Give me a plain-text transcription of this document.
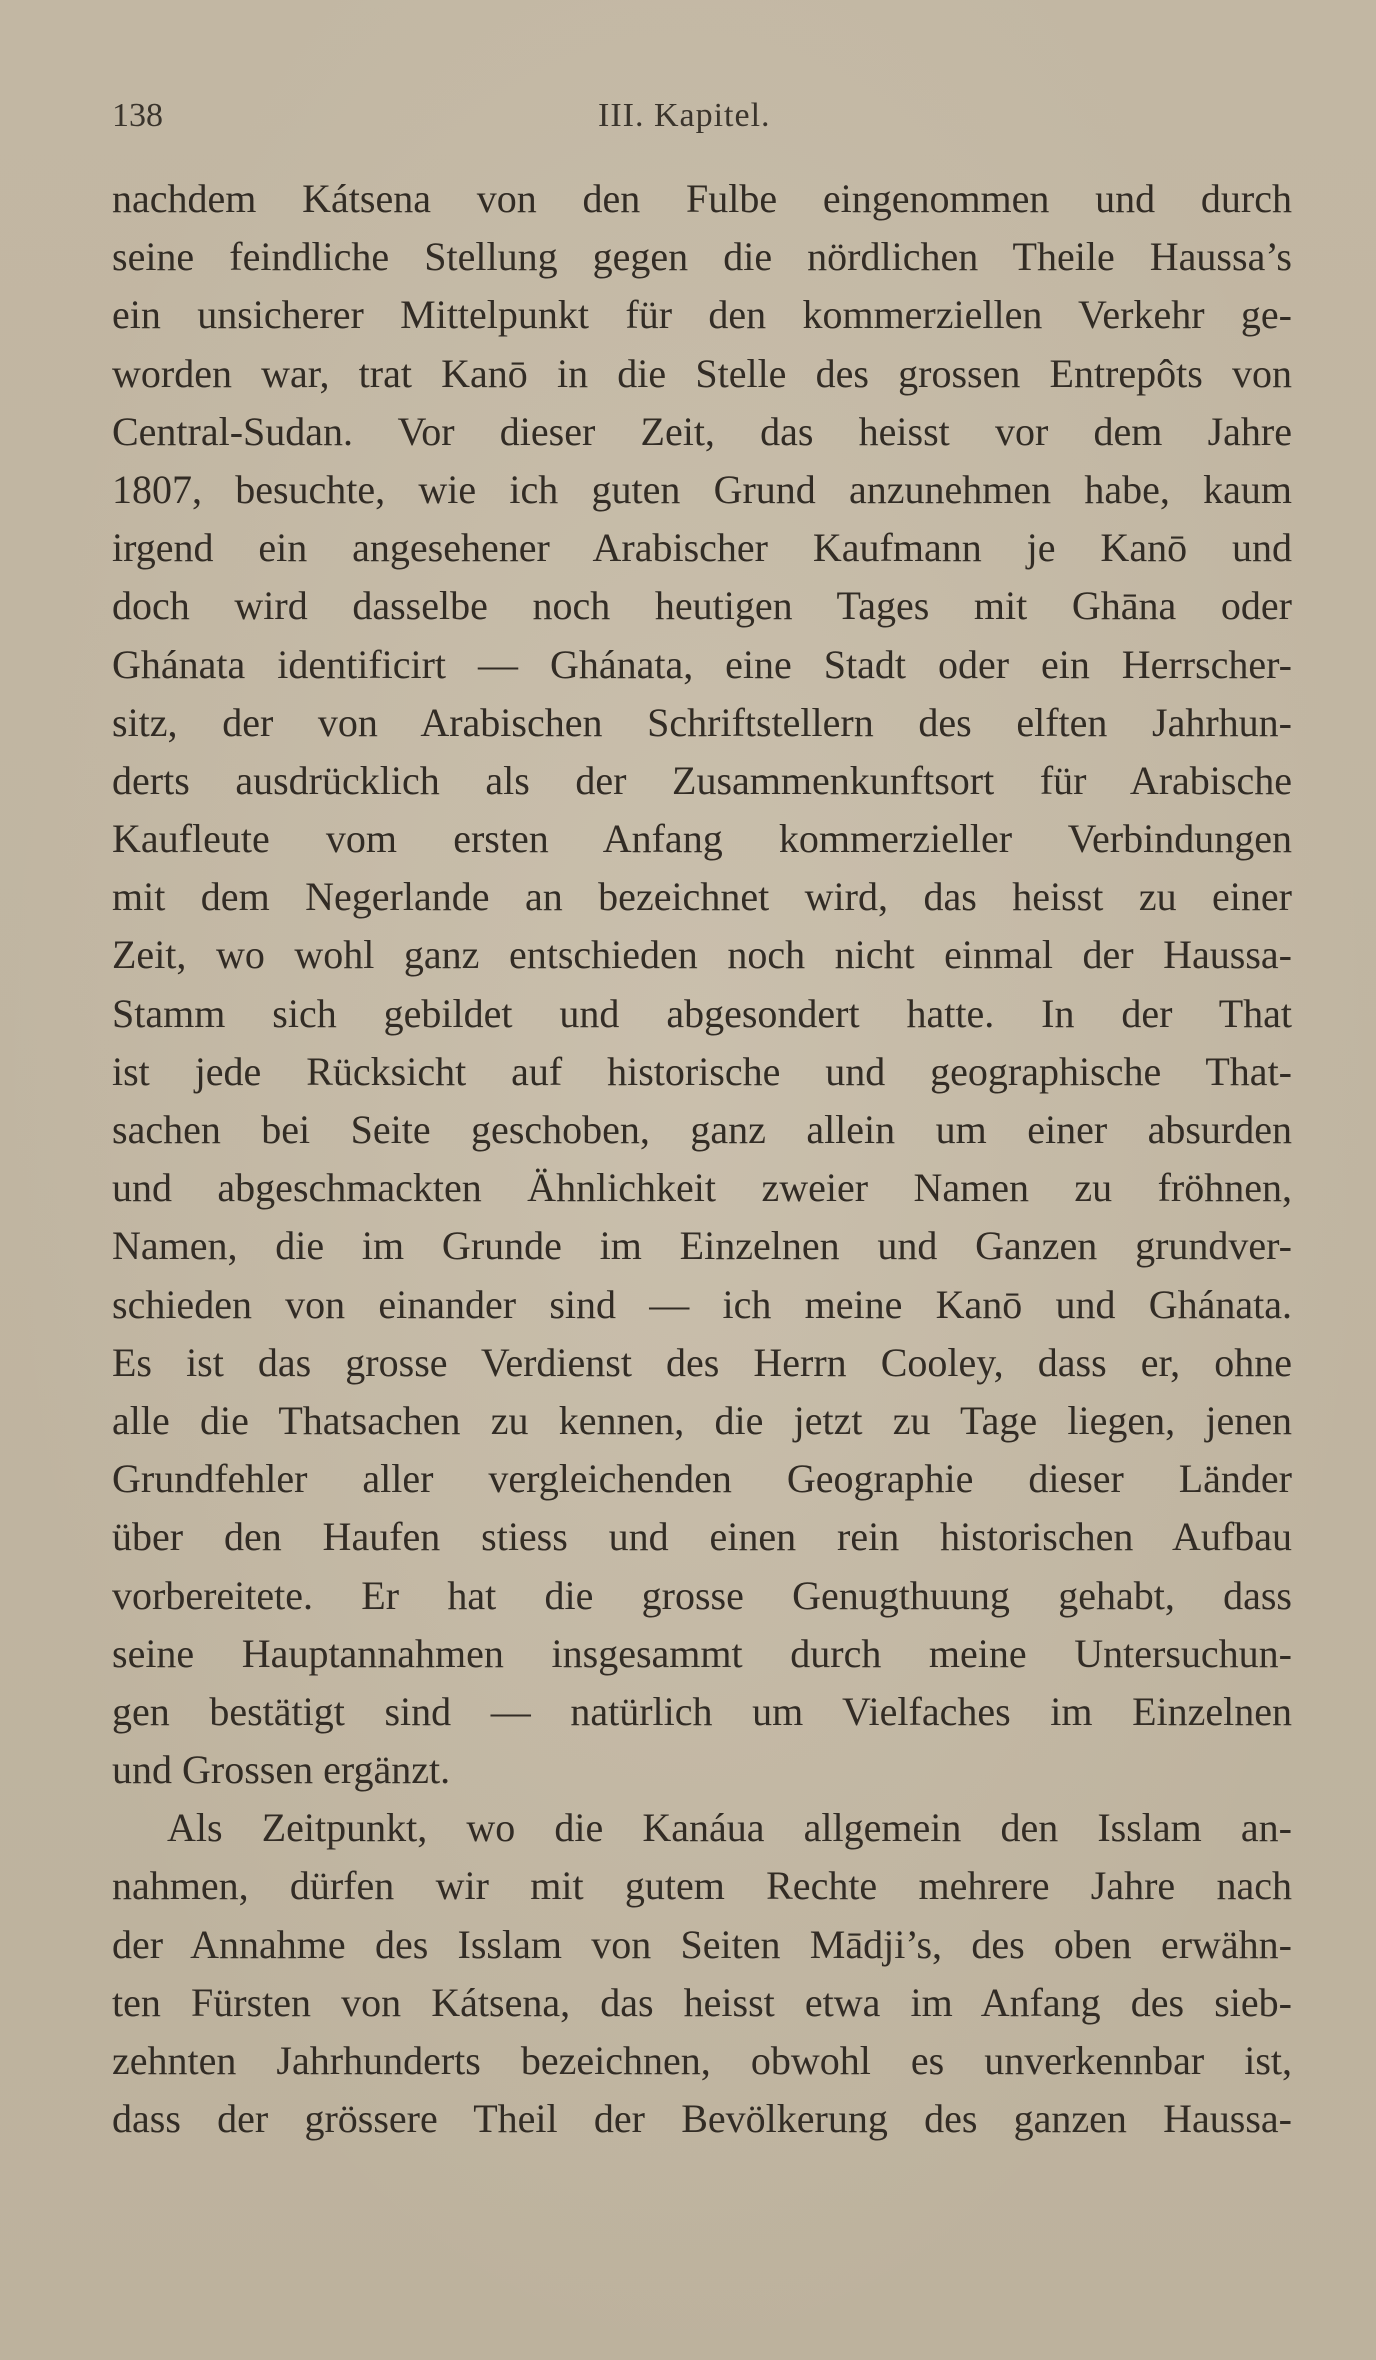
138	III. Kapitel.
nachdem Kátsena von den Fulbe eingenommen und durch
seine feindliche Stellung gegen die nördlichen Theile Haussa’s
ein unsicherer Mittelpunkt für den kommerziellen Verkehr ge-
worden war, trat Kanō in die Stelle des grossen Entrepôts von
Central-Sudan. Vor dieser Zeit, das heisst vor dem Jahre
1807, besuchte, wie ich guten Grund anzunehmen habe, kaum
irgend ein angesehener Arabischer Kaufmann je Kanō und
doch wird dasselbe noch heutigen Tages mit Ghāna oder
Ghánata identificirt — Ghánata, eine Stadt oder ein Herrscher-
sitz, der von Arabischen Schriftstellern des elften Jahrhun-
derts ausdrücklich als der Zusammenkunftsort für Arabische
Kaufleute vom ersten Anfang kommerzieller Verbindungen
mit dem Negerlande an bezeichnet wird, das heisst zu einer
Zeit, wo wohl ganz entschieden noch nicht einmal der Haussa-
Stamm sich gebildet und abgesondert hatte. In der That
ist jede Rücksicht auf historische und geographische That-
sachen bei Seite geschoben, ganz allein um einer absurden
und abgeschmackten Ähnlichkeit zweier Namen zu fröhnen,
Namen, die im Grunde im Einzelnen und Ganzen grundver-
schieden von einander sind — ich meine Kanō und Ghánata.
Es ist das grosse Verdienst des Herrn Cooley, dass er, ohne
alle die Thatsachen zu kennen, die jetzt zu Tage liegen, jenen
Grundfehler aller vergleichenden Geographie dieser Länder
über den Haufen stiess und einen rein historischen Aufbau
vorbereitete. Er hat die grosse Genugthuung gehabt, dass
seine Hauptannahmen insgesammt durch meine Untersuchun-
gen bestätigt sind — natürlich um Vielfaches im Einzelnen
und Grossen ergänzt.
Als Zeitpunkt, wo die Kanáua allgemein den Isslam an-
nahmen, dürfen wir mit gutem Rechte mehrere Jahre nach
der Annahme des Isslam von Seiten Mādji’s, des oben erwähn-
ten Fürsten von Kátsena, das heisst etwa im Anfang des sieb-
zehnten Jahrhunderts bezeichnen, obwohl es unverkennbar ist,
dass der grössere Theil der Bevölkerung des ganzen Haussa-
